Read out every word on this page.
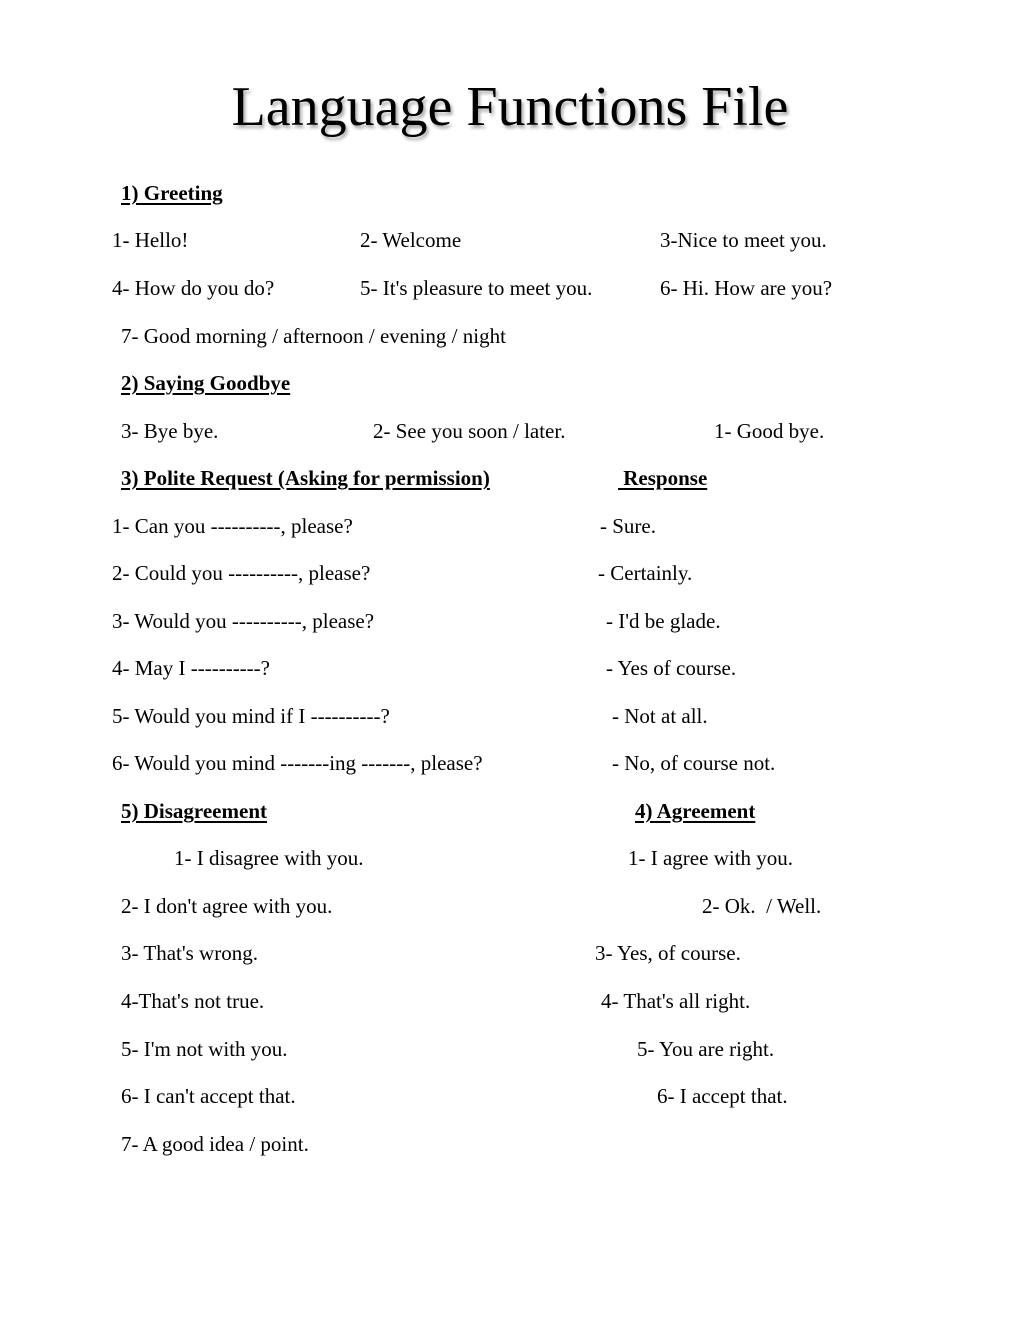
Language Functions File
1) Greeting
1- Hello!	2- Welcome	3-Nice to meet you.
4- How do you do?	5- It's pleasure to meet you.	6- Hi. How are you?
7- Good morning / afternoon / evening / night
2) Saying Goodbye
3- Bye bye.	2- See you soon / later.	1- Good bye.
3) Polite Request (Asking for permission)	Response
1- Can you ----------, please?	- Sure.
2- Could you ----------, please?	- Certainly.
3- Would you ----------, please?	- I'd be glade.
4- May I ----------?	- Yes of course.
5- Would you mind if I ----------?	- Not at all.
6- Would you mind -------ing -------, please?	- No, of course not.
5) Disagreement	4) Agreement
1- I disagree with you.	1- I agree with you.
2- I don't agree with you.	2- Ok.  / Well.
3- That's wrong.	3- Yes, of course.
4-That's not true.	4- That's all right.
5- I'm not with you.	5- You are right.
6- I can't accept that.	6- I accept that.
7- A good idea / point.
